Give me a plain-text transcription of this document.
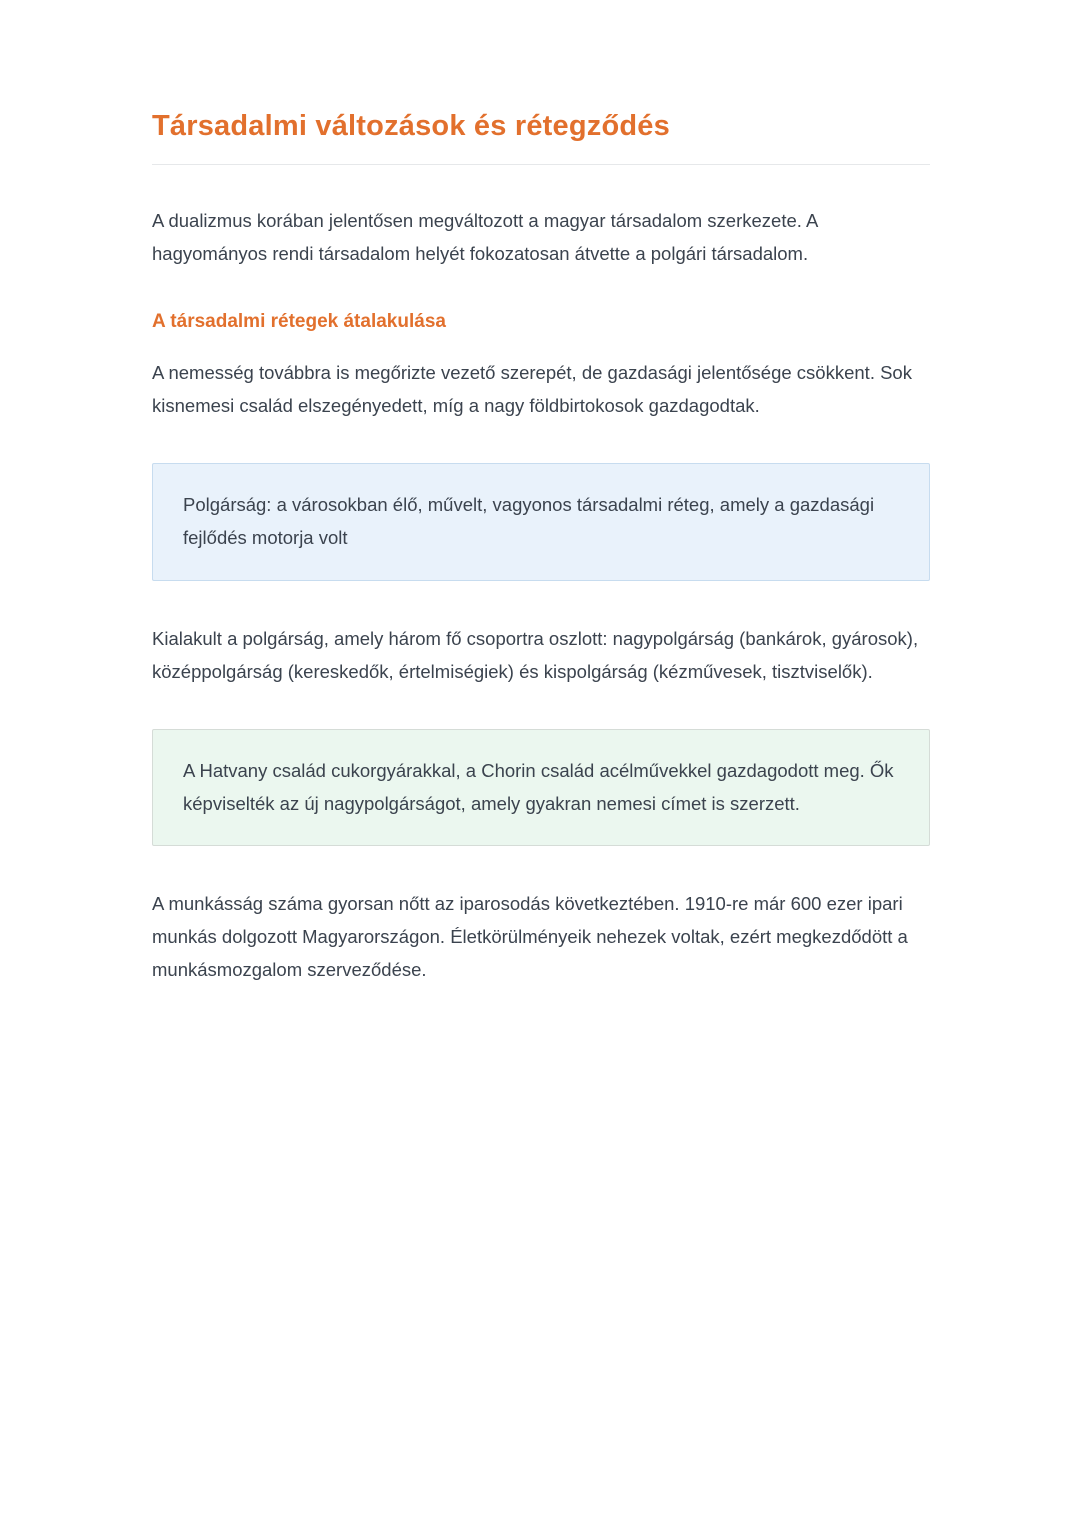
Társadalmi változások és rétegződés

A dualizmus korában jelentősen megváltozott a magyar társadalom szerkezete. A hagyományos rendi társadalom helyét fokozatosan átvette a polgári társadalom.

A társadalmi rétegek átalakulása

A nemesség továbbra is megőrizte vezető szerepét, de gazdasági jelentősége csökkent. Sok kisnemesi család elszegényedett, míg a nagy földbirtokosok gazdagodtak.

Polgárság: a városokban élő, művelt, vagyonos társadalmi réteg, amely a gazdasági fejlődés motorja volt

Kialakult a polgárság, amely három fő csoportra oszlott: nagypolgárság (bankárok, gyárosok), középpolgárság (kereskedők, értelmiségiek) és kispolgárság (kézművesek, tisztviselők).

A Hatvany család cukorgyárakkal, a Chorin család acélművekkel gazdagodott meg. Ők képviselték az új nagypolgárságot, amely gyakran nemesi címet is szerzett.

A munkásság száma gyorsan nőtt az iparosodás következtében. 1910-re már 600 ezer ipari munkás dolgozott Magyarországon. Életkörülményeik nehezek voltak, ezért megkezdődött a munkásmozgalom szerveződése.
